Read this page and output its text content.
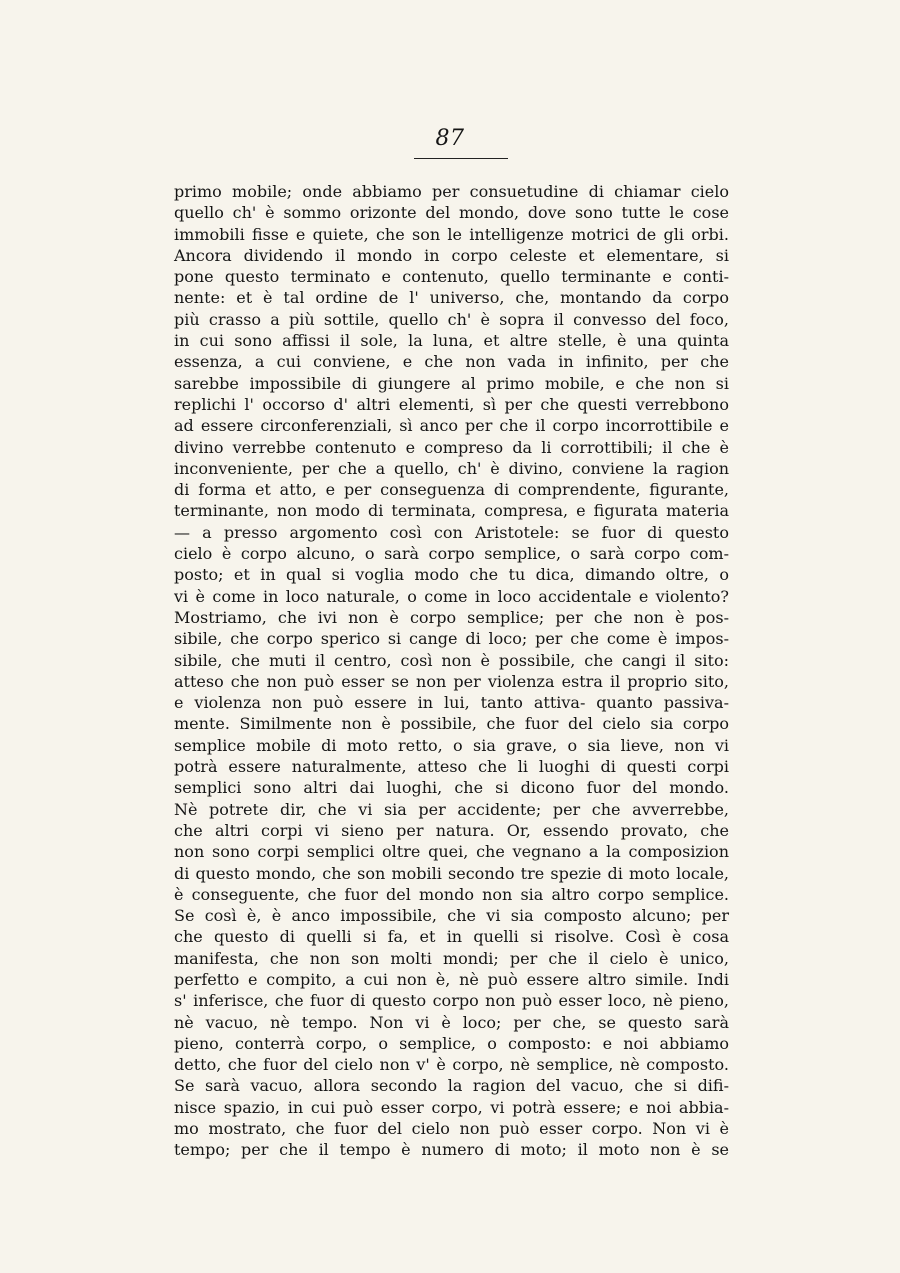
87
primo mobile; onde abbiamo per consuetudine di chiamar cielo
quello ch' è sommo orizonte del mondo, dove sono tutte le cose
immobili fisse e quiete, che son le intelligenze motrici de gli orbi.
Ancora dividendo il mondo in corpo celeste et elementare, si
pone questo terminato e contenuto, quello terminante e conti-
nente: et è tal ordine de l' universo, che, montando da corpo
più crasso a più sottile, quello ch' è sopra il convesso del foco,
in cui sono affissi il sole, la luna, et altre stelle, è una quinta
essenza, a cui conviene, e che non vada in infinito, per che
sarebbe impossibile di giungere al primo mobile, e che non si
replichi l' occorso d' altri elementi, sì per che questi verrebbono
ad essere circonferenziali, sì anco per che il corpo incorrottibile e
divino verrebbe contenuto e compreso da li corrottibili; il che è
inconveniente, per che a quello, ch' è divino, conviene la ragion
di forma et atto, e per conseguenza di comprendente, figurante,
terminante, non modo di terminata, compresa, e figurata materia
— a presso argomento così con Aristotele: se fuor di questo
cielo è corpo alcuno, o sarà corpo semplice, o sarà corpo com-
posto; et in qual si voglia modo che tu dica, dimando oltre, o
vi è come in loco naturale, o come in loco accidentale e violento?
Mostriamo, che ivi non è corpo semplice; per che non è pos-
sibile, che corpo sperico si cange di loco; per che come è impos-
sibile, che muti il centro, così non è possibile, che cangi il sito:
atteso che non può esser se non per violenza estra il proprio sito,
e violenza non può essere in lui, tanto attiva- quanto passiva-
mente. Similmente non è possibile, che fuor del cielo sia corpo
semplice mobile di moto retto, o sia grave, o sia lieve, non vi
potrà essere naturalmente, atteso che li luoghi di questi corpi
semplici sono altri dai luoghi, che si dicono fuor del mondo.
Nè potrete dir, che vi sia per accidente; per che avverrebbe,
che altri corpi vi sieno per natura. Or, essendo provato, che
non sono corpi semplici oltre quei, che vegnano a la composizion
di questo mondo, che son mobili secondo tre spezie di moto locale,
è conseguente, che fuor del mondo non sia altro corpo semplice.
Se così è, è anco impossibile, che vi sia composto alcuno; per
che questo di quelli si fa, et in quelli si risolve. Così è cosa
manifesta, che non son molti mondi; per che il cielo è unico,
perfetto e compito, a cui non è, nè può essere altro simile. Indi
s' inferisce, che fuor di questo corpo non può esser loco, nè pieno,
nè vacuo, nè tempo. Non vi è loco; per che, se questo sarà
pieno, conterrà corpo, o semplice, o composto: e noi abbiamo
detto, che fuor del cielo non v' è corpo, nè semplice, nè composto.
Se sarà vacuo, allora secondo la ragion del vacuo, che si difi-
nisce spazio, in cui può esser corpo, vi potrà essere; e noi abbia-
mo mostrato, che fuor del cielo non può esser corpo. Non vi è
tempo; per che il tempo è numero di moto; il moto non è se
